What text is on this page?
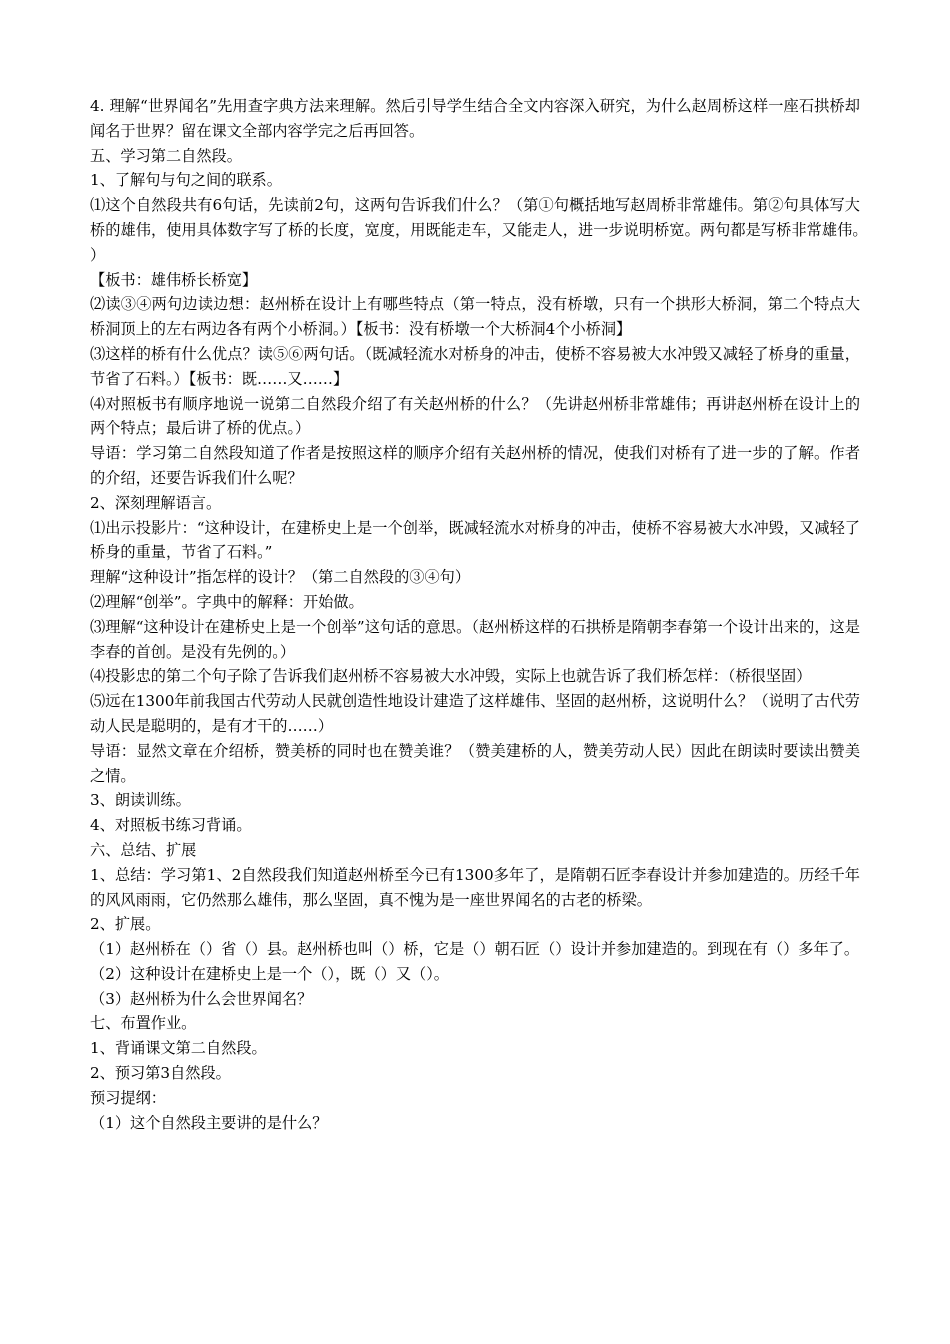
4. 理解“世界闻名”先用查字典方法来理解。然后引导学生结合全文内容深入研究，为什么赵周桥这样一座石拱桥却闻名于世界？留在课文全部内容学完之后再回答。

五、学习第二自然段。

1、了解句与句之间的联系。

⑴这个自然段共有6句话，先读前2句，这两句告诉我们什么？（第①句概括地写赵周桥非常雄伟。第②句具体写大桥的雄伟，使用具体数字写了桥的长度，宽度，用既能走车，又能走人，进一步说明桥宽。两句都是写桥非常雄伟。）

【板书：雄伟桥长桥宽】

⑵读③④两句边读边想：赵州桥在设计上有哪些特点（第一特点，没有桥墩，只有一个拱形大桥洞，第二个特点大桥洞顶上的左右两边各有两个小桥洞。）【板书：没有桥墩一个大桥洞4个小桥洞】

⑶这样的桥有什么优点？读⑤⑥两句话。（既减轻流水对桥身的冲击，使桥不容易被大水冲毁又减轻了桥身的重量，节省了石料。）【板书：既……又……】

⑷对照板书有顺序地说一说第二自然段介绍了有关赵州桥的什么？（先讲赵州桥非常雄伟；再讲赵州桥在设计上的两个特点；最后讲了桥的优点。）

导语：学习第二自然段知道了作者是按照这样的顺序介绍有关赵州桥的情况，使我们对桥有了进一步的了解。作者的介绍，还要告诉我们什么呢？

2、深刻理解语言。

⑴出示投影片：“这种设计，在建桥史上是一个创举，既减轻流水对桥身的冲击，使桥不容易被大水冲毁，又减轻了桥身的重量，节省了石料。”

理解“这种设计”指怎样的设计？（第二自然段的③④句）

⑵理解“创举”。字典中的解释：开始做。

⑶理解“这种设计在建桥史上是一个创举”这句话的意思。（赵州桥这样的石拱桥是隋朝李春第一个设计出来的，这是李春的首创。是没有先例的。）

⑷投影忠的第二个句子除了告诉我们赵州桥不容易被大水冲毁，实际上也就告诉了我们桥怎样：（桥很坚固）

⑸远在1300年前我国古代劳动人民就创造性地设计建造了这样雄伟、坚固的赵州桥，这说明什么？（说明了古代劳动人民是聪明的，是有才干的……）

导语：显然文章在介绍桥，赞美桥的同时也在赞美谁？（赞美建桥的人，赞美劳动人民）因此在朗读时要读出赞美之情。

3、朗读训练。

4、对照板书练习背诵。

六、总结、扩展

1、总结：学习第1、2自然段我们知道赵州桥至今已有1300多年了，是隋朝石匠李春设计并参加建造的。历经千年的风风雨雨，它仍然那么雄伟，那么坚固，真不愧为是一座世界闻名的古老的桥梁。

2、扩展。

（1）赵州桥在（）省（）县。赵州桥也叫（）桥，它是（）朝石匠（）设计并参加建造的。到现在有（）多年了。

（2）这种设计在建桥史上是一个（），既（）又（）。

（3）赵州桥为什么会世界闻名？

七、布置作业。

1、背诵课文第二自然段。

2、预习第3自然段。

预习提纲：

（1）这个自然段主要讲的是什么？
